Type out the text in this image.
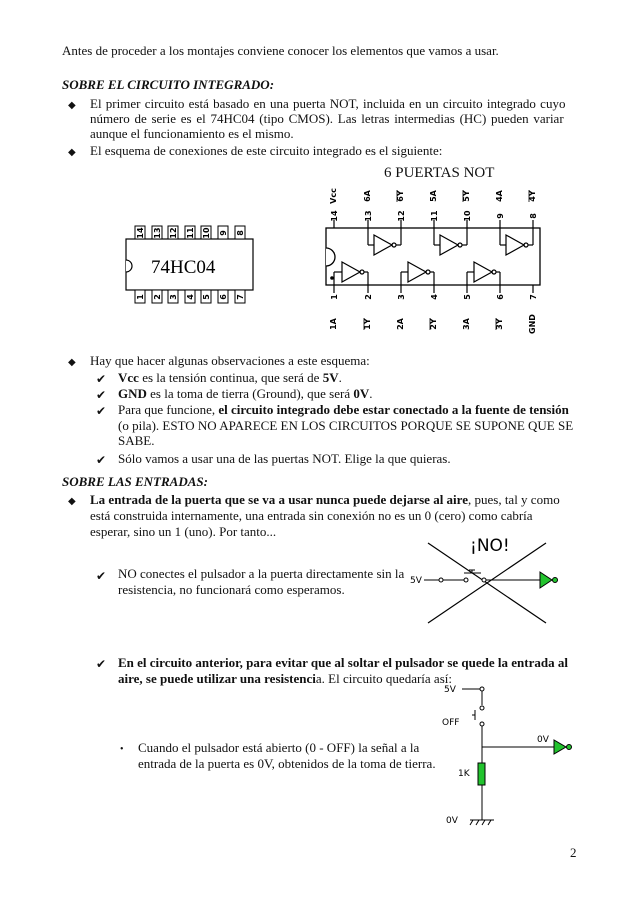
Antes de proceder a los montajes conviene conocer los elementos que vamos a usar.
SOBRE EL CIRCUITO INTEGRADO:
◆ El primer circuito está basado en una puerta NOT, incluida en un circuito integrado cuyo
número de serie es el 74HC04 (tipo CMOS). Las letras intermedias (HC) pueden variar
aunque el funcionamiento es el mismo.
◆ El esquema de conexiones de este circuito integrado es el siguiente:
6 PUERTAS NOT
14 13 12 11 10 9 8
1 2 3 4 5 6 7
74HC04
14
Vcc
13
6A
12
6Y
11
5A
10
5Y
9
4A
8
4Y
1
1A
2
1Y
3
2A
4
2Y
5
3A
6
3Y	GND
7
◆ Hay que hacer algunas observaciones a este esquema:
✔ Vcc es la tensión continua, que será de 5V.
✔ GND es la toma de tierra (Ground), que será 0V.
✔ Para que funcione, el circuito integrado debe estar conectado a la fuente de tensión
(o pila). ESTO NO APARECE EN LOS CIRCUITOS PORQUE SE SUPONE QUE SE
SABE.
✔ Sólo vamos a usar una de las puertas NOT. Elige la que quieras.
SOBRE LAS ENTRADAS:
◆ La entrada de la puerta que se va a usar nunca puede dejarse al aire, pues, tal y como
está construida internamente, una entrada sin conexión no es un 0 (cero) como cabría
esperar, sino un 1 (uno). Por tanto...
✔ NO conectes el pulsador a la puerta directamente sin la
resistencia, no funcionará como esperamos.
¡NO!
5V
✔ En el circuito anterior, para evitar que al soltar el pulsador se quede la entrada al
aire, se puede utilizar una resistencia. El circuito quedaría así:
5V
OFF
0V
1K
0V
• Cuando el pulsador está abierto (0 - OFF) la señal a la
entrada de la puerta es 0V, obtenidos de la toma de tierra.
2
